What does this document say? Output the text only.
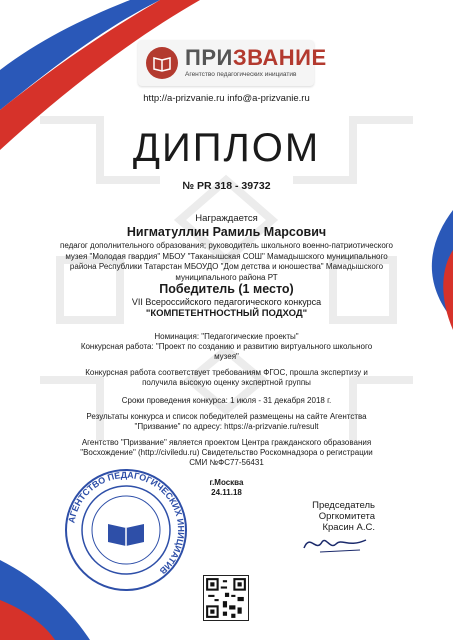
ПРИЗВАНИЕ
Агентство педагогических инициатив
http://a-prizvanie.ru info@a-prizvanie.ru
ДИПЛОМ
№ PR 318 - 39732
Награждается
Нигматуллин Рамиль Марсович
педагог дополнительного образования; руководитель школьного военно-патриотического музея "Молодая гвардия" МБОУ "Таканышская СОШ" Мамадышского муниципального района Республики Татарстан МБОУДО "Дом детства и юношества" Мамадышского муниципального района РТ
Победитель (1 место)
VII Всероссийского педагогического конкурса
"КОМПЕТЕНТНОСТНЫЙ ПОДХОД"
Номинация: "Педагогические проекты"
Конкурсная работа: "Проект по созданию и развитию виртуального школьного музея"
Конкурсная работа соответствует требованиям ФГОС, прошла экспертизу и получила высокую оценку экспертной группы
Сроки проведения конкурса: 1 июля - 31 декабря 2018 г.
Результаты конкурса и список победителей размещены на сайте Агентства "Призвание" по адресу: https://a-prizvanie.ru/result
Агентство "Призвание" является проектом Центра гражданского образования "Восхождение" (http://civiledu.ru) Свидетельство Роскомнадзора о регистрации СМИ №ФС77-56431
г.Москва
24.11.18
Председатель Оргкомитета
Красин А.С.
АГЕНТСТВО ПЕДАГОГИЧЕСКИХ ИНИЦИАТИВ
